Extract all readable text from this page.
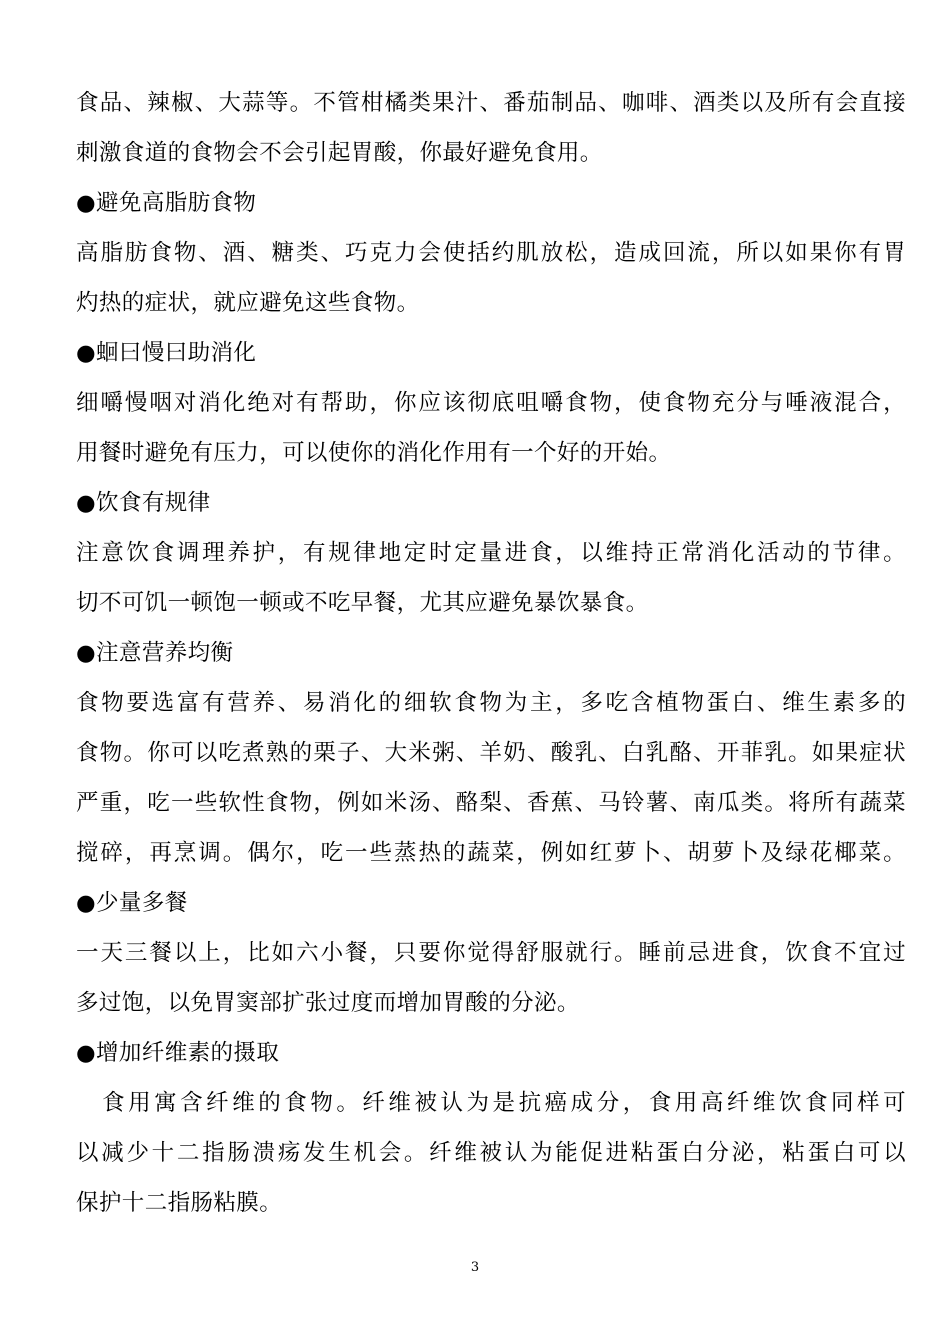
食品、辣椒、大蒜等。不管柑橘类果汁、番茄制品、咖啡、酒类以及所有会直接
刺激食道的食物会不会引起胃酸，你最好避免食用。
●避免高脂肪食物
高脂肪食物、酒、糖类、巧克力会使括约肌放松，造成回流，所以如果你有胃
灼热的症状，就应避免这些食物。
●蛔曰慢曰助消化
细嚼慢咽对消化绝对有帮助，你应该彻底咀嚼食物，使食物充分与唾液混合，
用餐时避免有压力，可以使你的消化作用有一个好的开始。
●饮食有规律
注意饮食调理养护，有规律地定时定量进食，以维持正常消化活动的节律。
切不可饥一顿饱一顿或不吃早餐，尤其应避免暴饮暴食。
●注意营养均衡
食物要选富有营养、易消化的细软食物为主，多吃含植物蛋白、维生素多的
食物。你可以吃煮熟的栗子、大米粥、羊奶、酸乳、白乳酪、开菲乳。如果症状
严重，吃一些软性食物，例如米汤、酪梨、香蕉、马铃薯、南瓜类。将所有蔬菜
搅碎，再烹调。偶尔，吃一些蒸热的蔬菜，例如红萝卜、胡萝卜及绿花椰菜。
●少量多餐
一天三餐以上，比如六小餐，只要你觉得舒服就行。睡前忌进食，饮食不宜过
多过饱，以免胃窦部扩张过度而增加胃酸的分泌。
●增加纤维素的摄取
　食用寓含纤维的食物。纤维被认为是抗癌成分，食用高纤维饮食同样可
以减少十二指肠溃疡发生机会。纤维被认为能促进粘蛋白分泌，粘蛋白可以
保护十二指肠粘膜。
3
